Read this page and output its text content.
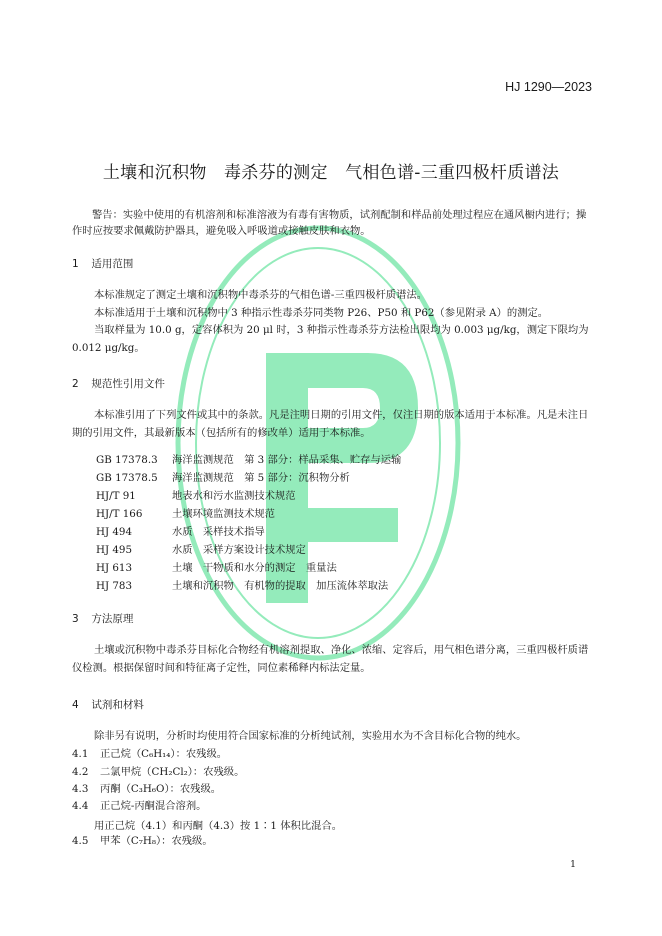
HJ 1290—2023
土壤和沉积物　毒杀芬的测定　气相色谱-三重四极杆质谱法
警告：实验中使用的有机溶剂和标准溶液为有毒有害物质，试剂配制和样品前处理过程应在通风橱内进行；操作时应按要求佩戴防护器具，避免吸入呼吸道或接触皮肤和衣物。
1 适用范围
本标准规定了测定土壤和沉积物中毒杀芬的气相色谱-三重四极杆质谱法。
本标准适用于土壤和沉积物中 3 种指示性毒杀芬同类物 P26、P50 和 P62（参见附录 A）的测定。
当取样量为 10.0 g，定容体积为 20 μl 时，3 种指示性毒杀芬方法检出限均为 0.003 μg/kg，测定下限均为 0.012 μg/kg。
2 规范性引用文件
本标准引用了下列文件或其中的条款。凡是注明日期的引用文件，仅注日期的版本适用于本标准。凡是未注日期的引用文件，其最新版本（包括所有的修改单）适用于本标准。
GB 17378.3	海洋监测规范　第 3 部分：样品采集、贮存与运输
GB 17378.5	海洋监测规范　第 5 部分：沉积物分析
HJ/T 91	地表水和污水监测技术规范
HJ/T 166	土壤环境监测技术规范
HJ 494	水质　采样技术指导
HJ 495	水质　采样方案设计技术规定
HJ 613	土壤　干物质和水分的测定　重量法
HJ 783	土壤和沉积物　有机物的提取　加压流体萃取法
3 方法原理
土壤或沉积物中毒杀芬目标化合物经有机溶剂提取、净化、浓缩、定容后，用气相色谱分离，三重四极杆质谱仪检测。根据保留时间和特征离子定性，同位素稀释内标法定量。
4 试剂和材料
除非另有说明，分析时均使用符合国家标准的分析纯试剂，实验用水为不含目标化合物的纯水。
4.1 正己烷（C₆H₁₄）：农残级。
4.2 二氯甲烷（CH₂Cl₂）：农残级。
4.3 丙酮（C₃H₆O）：农残级。
4.4 正己烷-丙酮混合溶剂。
用正己烷（4.1）和丙酮（4.3）按 1∶1 体积比混合。
4.5 甲苯（C₇H₈）：农残级。
1
